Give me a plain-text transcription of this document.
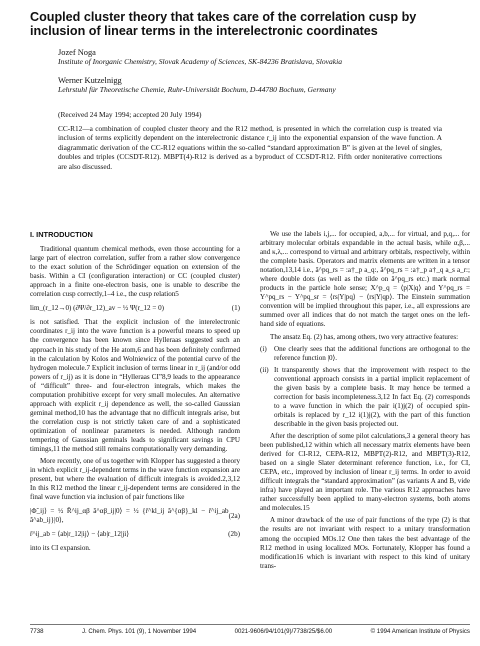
Coupled cluster theory that takes care of the correlation cusp by inclusion of linear terms in the interelectronic coordinates
Jozef Noga
Institute of Inorganic Chemistry, Slovak Academy of Sciences, SK-84236 Bratislava, Slovakia
Werner Kutzelnigg
Lehrstuhl für Theoretische Chemie, Ruhr-Universität Bochum, D-44780 Bochum, Germany
(Received 24 May 1994; accepted 20 July 1994)
CC-R12—a combination of coupled cluster theory and the R12 method, is presented in which the correlation cusp is treated via inclusion of terms explicitly dependent on the interelectronic distance r_ij into the exponential expansion of the wave function. A diagrammatic derivation of the CC-R12 equations within the so-called “standard approximation B” is given at the level of singles, doubles and triples (CCSDT-R12). MBPT(4)-R12 is derived as a byproduct of CCSDT-R12. Fifth order noniterative corrections are also discussed.
I. INTRODUCTION

Traditional quantum chemical methods, even those accounting for a large part of electron correlation, suffer from a rather slow convergence to the exact solution of the Schrödinger equation on extension of the basis. Within a CI (configuration interaction) or CC (coupled cluster) approach in a finite one-electron basis, one is unable to describe the correlation cusp correctly,1–4 i.e., the cusp relation5

lim_(r_12→0) (∂Ψ/∂r_12)_av − ½ Ψ(r_12 = 0)	(1)

is not satisfied. That the explicit inclusion of the interelectronic coordinates r_ij into the wave function is a powerful means to speed up the convergence has been known since Hylleraas suggested such an approach in his study of the He atom,6 and has been definitely confirmed in the calculation by Kolos and Wolniewicz of the potential curve of the hydrogen molecule.7 Explicit inclusion of terms linear in r_ij (and/or odd powers of r_ij) as it is done in “Hylleraas CI”8,9 leads to the appearance of “difficult” three- and four-electron integrals, which makes the computation prohibitive except for very small molecules. An alternative approach with explicit r_ij dependence as well, the so-called Gaussian geminal method,10 has the advantage that no difficult integrals arise, but the correlation cusp is not strictly taken care of and a sophisticated optimization of nonlinear parameters is needed. Although random tempering of Gaussian geminals leads to significant savings in CPU timings,11 the method still remains computationally very demanding.

More recently, one of us together with Klopper has suggested a theory in which explicit r_ij-dependent terms in the wave function expansion are present, but where the evaluation of difficult integrals is avoided.2,3,12 In this R12 method the linear r_ij-dependent terms are considered in the final wave function via inclusion of pair functions like

|Φ̃_ij⟩ = ½ R̄^ij_αβ ã^αβ_ij|0⟩ = ½ {r̄^kl_ij ã^{αβ}_kl − r̄^ij_ab ã^ab_ij}|0⟩,
(2a)
r̄^ij_ab = ⟨ab|r_12|ij⟩ − ⟨ab|r_12|ji⟩	(2b)

into its CI expansion.

We use the labels i,j,... for occupied, a,b,... for virtual, and p,q,... for arbitrary molecular orbitals expandable in the actual basis, while α,β,... and κ,λ,... correspond to virtual and arbitrary orbitals, respectively, within the complete basis. Operators and matrix elements are written in a tensor notation,13,14 i.e., ã^pq_rs = :a†_p a_q:, ã^pq_rs = :a†_p a†_q a_s a_r:; where double dots (as well as the tilde on ã^pq_rs etc.) mark normal products in the particle hole sense; X^p_q = ⟨p|X|q⟩ and Y^pq_rs = Y^pq_rs − Y^pq_sr = ⟨rs|Y|pq⟩ − ⟨rs|Y|qp⟩. The Einstein summation convention will be implied throughout this paper, i.e., all expressions are summed over all indices that do not match the target ones on the left-hand side of equations.

The ansatz Eq. (2) has, among others, two very attractive features:

(i)	One clearly sees that the additional functions are orthogonal to the reference function |0⟩.
(ii) It transparently shows that the improvement with respect to the conventional approach consists in a partial implicit replacement of the given basis by a complete basis. It may hence be termed a correction for basis incompleteness.3,12 In fact Eq. (2) corresponds to a wave function in which the pair i(1)j(2) of occupied spin-orbitals is replaced by r_12 i(1)j(2), with the part of this function describable in the given basis projected out.

After the description of some pilot calculations,3 a general theory has been published,12 within which all necessary matrix elements have been derived for CI-R12, CEPA-R12, MBPT(2)-R12, and MBPT(3)-R12, based on a single Slater determinant reference function, i.e., for CI, CEPA, etc., improved by inclusion of linear r_ij terms. In order to avoid difficult integrals the “standard approximation” (as variants A and B, vide infra) have played an important role. The various R12 approaches have rather successfully been applied to many-electron systems, both atoms and molecules.15

A minor drawback of the use of pair functions of the type (2) is that the results are not invariant with respect to a unitary transformation among the occupied MOs.12 One then takes the best advantage of the R12 method in using localized MOs. Fortunately, Klopper has found a modification16 which is invariant with respect to this kind of unitary trans-

7738	J. Chem. Phys. 101 (9), 1 November 1994	0021-9606/94/101(9)/7738/25/$6.00	© 1994 American Institute of Physics
